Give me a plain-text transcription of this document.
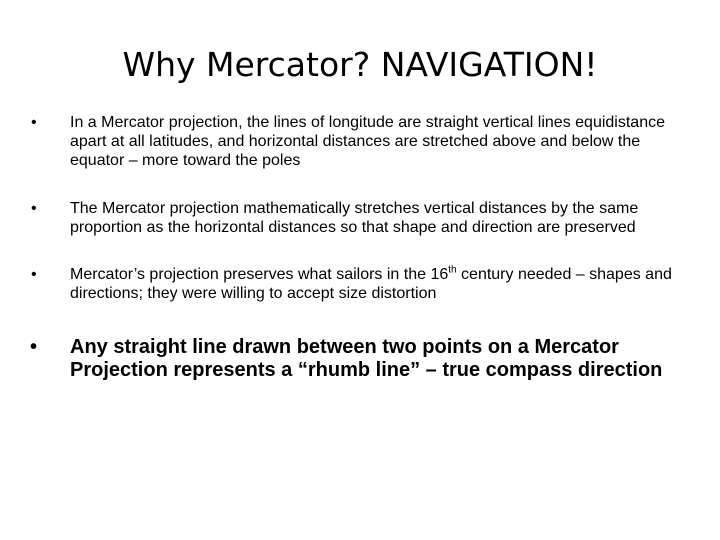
Why Mercator? NAVIGATION!
• In a Mercator projection, the lines of longitude are straight vertical lines equidistance apart at all latitudes, and horizontal distances are stretched above and below the equator – more toward the poles
• The Mercator projection mathematically stretches vertical distances by the same proportion as the horizontal distances so that shape and direction are preserved
• Mercator’s projection preserves what sailors in the 16th century needed – shapes and directions; they were willing to accept size distortion
• Any straight line drawn between two points on a Mercator Projection represents a “rhumb line” – true compass direction
